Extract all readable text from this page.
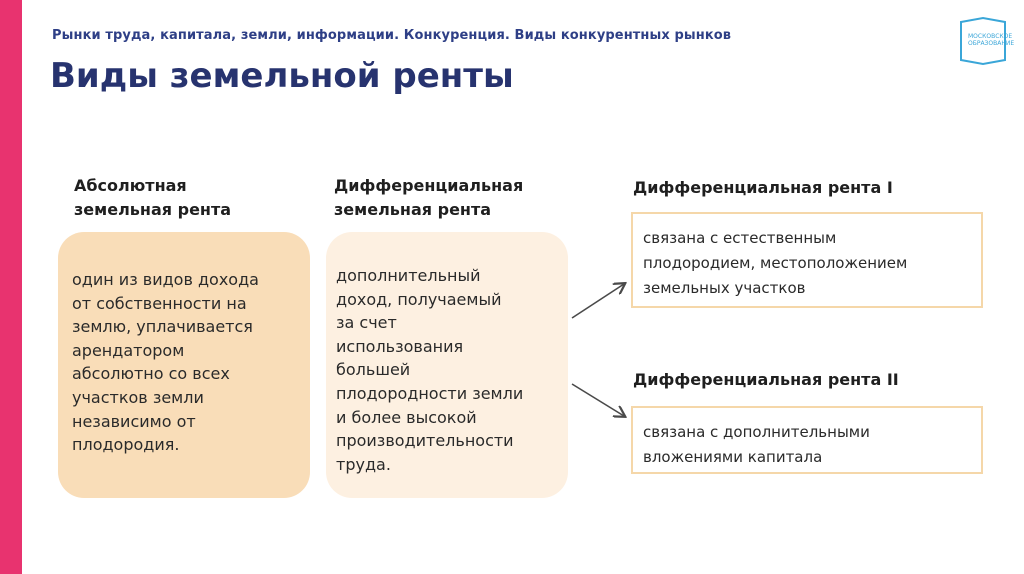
Рынки труда, капитала, земли, информации. Конкуренция. Виды конкурентных рынков
Виды земельной ренты
МОСКОВСКОЕ
ОБРАЗОВАНИЕ
Абсолютная
земельная рента
Дифференциальная
земельная рента
один из видов дохода
от собственности на
землю, уплачивается
арендатором
абсолютно со всех
участков земли
независимо от
плодородия.
дополнительный
доход, получаемый
за счет
использования
большей
плодородности земли
и более высокой
производительности
труда.
Дифференциальная рента I
связана с естественным
плодородием, местоположением
земельных участков
Дифференциальная рента II
связана с дополнительными
вложениями капитала
